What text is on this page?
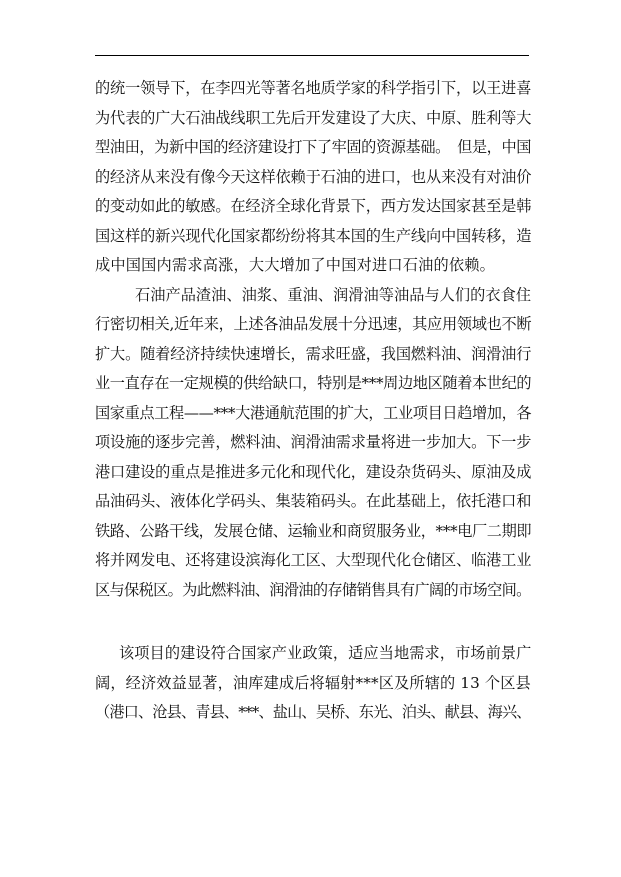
的统一领导下，在李四光等著名地质学家的科学指引下，以王进喜
为代表的广大石油战线职工先后开发建设了大庆、中原、胜利等大
型油田，为新中国的经济建设打下了牢固的资源基础。　但是，中国
的经济从来没有像今天这样依赖于石油的进口，也从来没有对油价
的变动如此的敏感。在经济全球化背景下，西方发达国家甚至是韩
国这样的新兴现代化国家都纷纷将其本国的生产线向中国转移，造
成中国国内需求高涨，大大增加了中国对进口石油的依赖。

石油产品渣油、油浆、重油、润滑油等油品与人们的衣食住
行密切相关,近年来，上述各油品发展十分迅速，其应用领域也不断
扩大。随着经济持续快速增长，需求旺盛，我国燃料油、润滑油行
业一直存在一定规模的供给缺口，特别是***周边地区随着本世纪的
国家重点工程——***大港通航范围的扩大，工业项目日趋增加，各
项设施的逐步完善，燃料油、润滑油需求量将进一步加大。下一步
港口建设的重点是推进多元化和现代化，建设杂货码头、原油及成
品油码头、液体化学码头、集装箱码头。在此基础上，依托港口和
铁路、公路干线，发展仓储、运输业和商贸服务业，***电厂二期即
将并网发电、还将建设滨海化工区、大型现代化仓储区、临港工业
区与保税区。为此燃料油、润滑油的存储销售具有广阔的市场空间。

该项目的建设符合国家产业政策，适应当地需求，市场前景广
阔，经济效益显著，油库建成后将辐射***区及所辖的 13 个区县
（港口、沧县、青县、***、盐山、吴桥、东光、泊头、献县、海兴、
